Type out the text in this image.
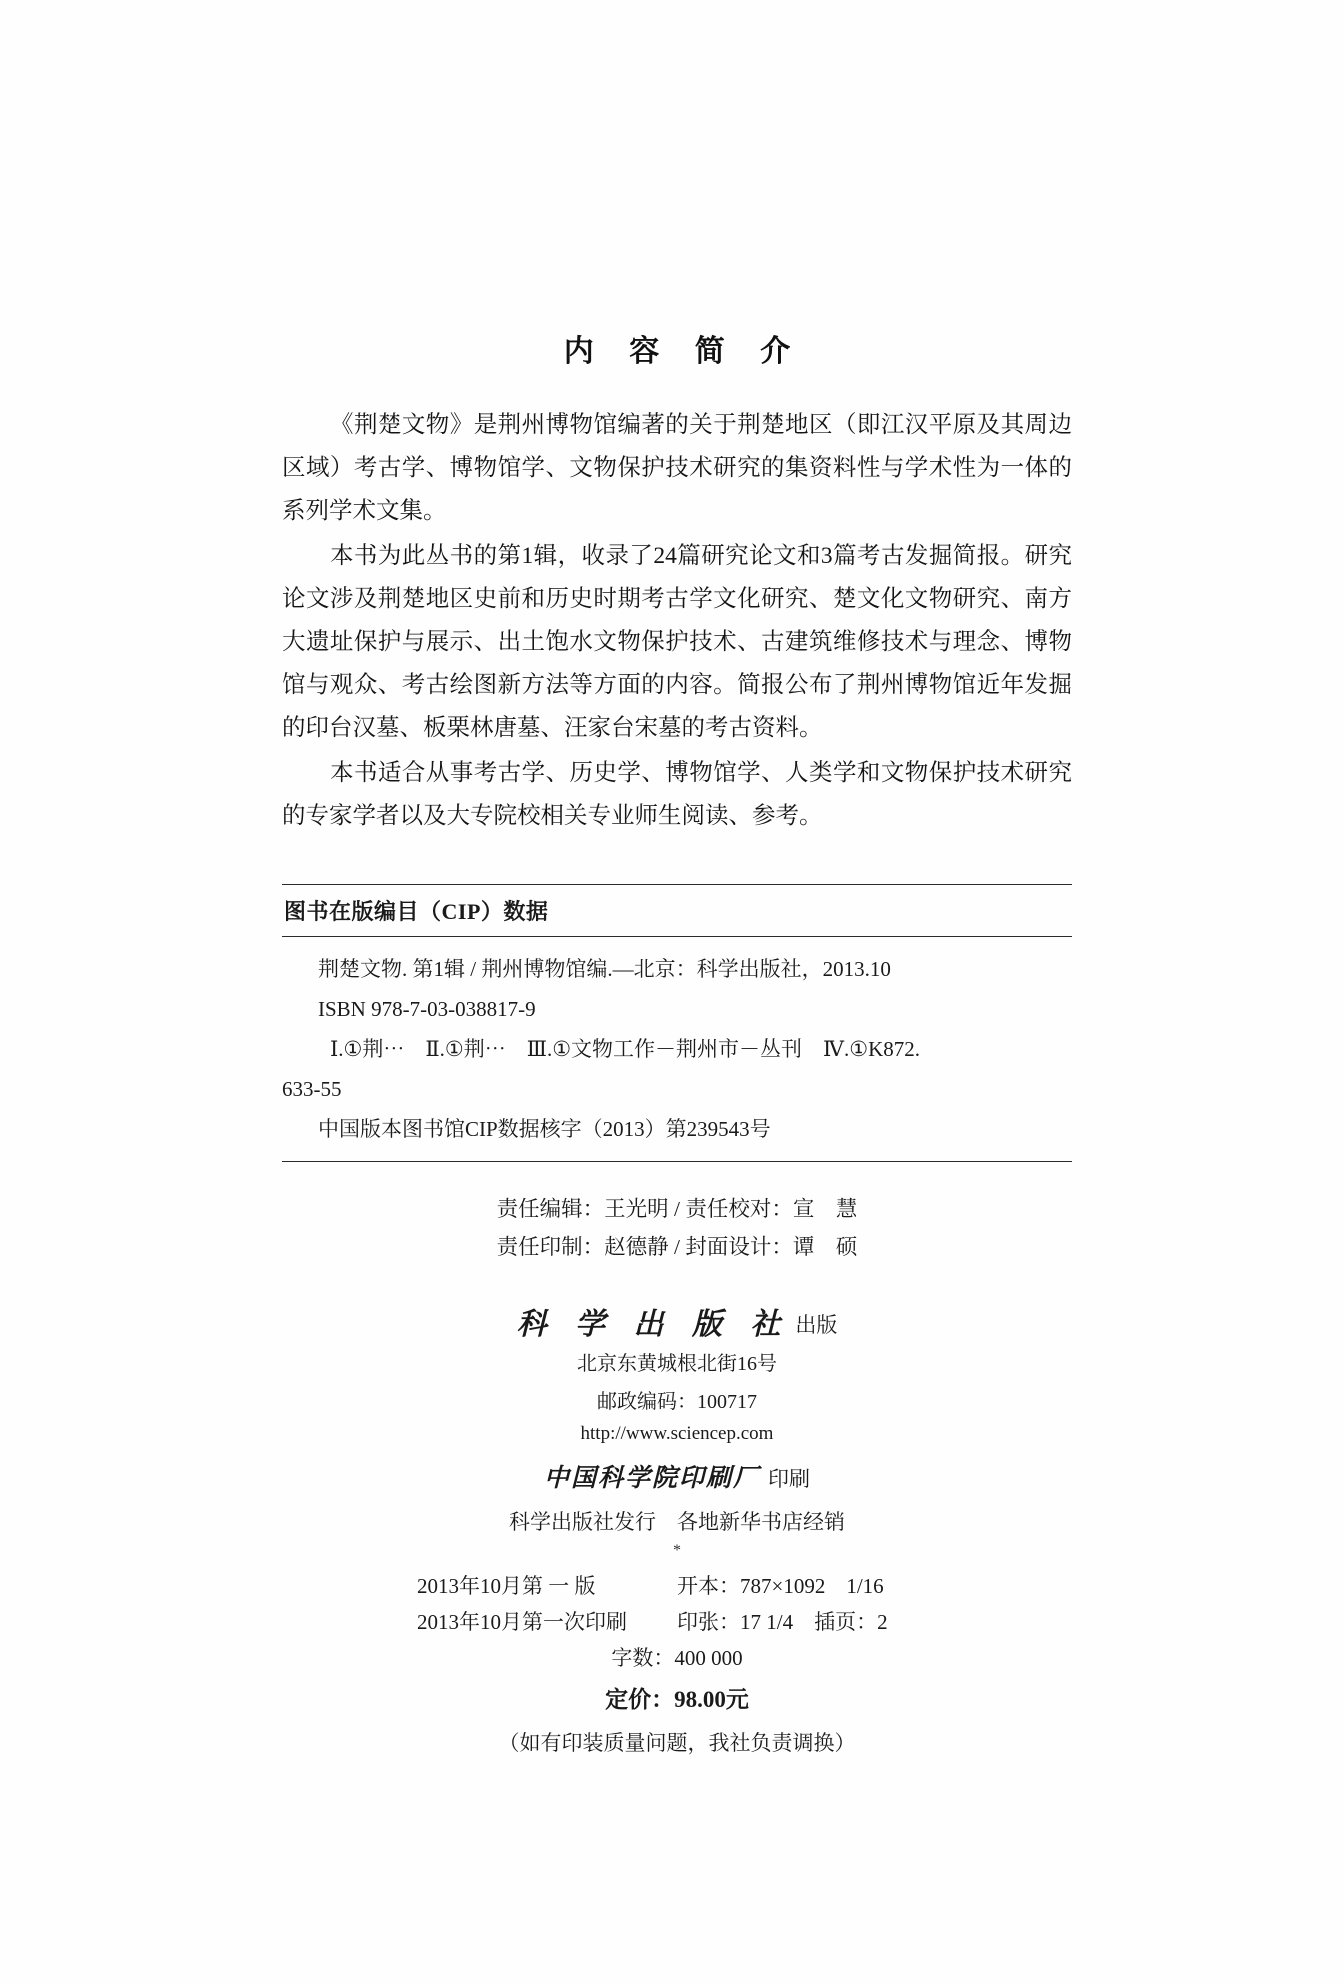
内 容 简 介

《荆楚文物》是荆州博物馆编著的关于荆楚地区（即江汉平原及其周边区域）考古学、博物馆学、文物保护技术研究的集资料性与学术性为一体的系列学术文集。

本书为此丛书的第1辑，收录了24篇研究论文和3篇考古发掘简报。研究论文涉及荆楚地区史前和历史时期考古学文化研究、楚文化文物研究、南方大遗址保护与展示、出土饱水文物保护技术、古建筑维修技术与理念、博物馆与观众、考古绘图新方法等方面的内容。简报公布了荆州博物馆近年发掘的印台汉墓、板栗林唐墓、汪家台宋墓的考古资料。

本书适合从事考古学、历史学、博物馆学、人类学和文物保护技术研究的专家学者以及大专院校相关专业师生阅读、参考。

图书在版编目（CIP）数据

荆楚文物. 第1辑 / 荆州博物馆编.—北京：科学出版社，2013.10

ISBN 978-7-03-038817-9

Ⅰ.①荆⋯　Ⅱ.①荆⋯　Ⅲ.①文物工作－荆州市－丛刊　Ⅳ.①K872.

633-55

中国版本图书馆CIP数据核字（2013）第239543号

责任编辑：王光明 / 责任校对：宣　慧
责任印制：赵德静 / 封面设计：谭　硕
科 学 出 版 社 出版
北京东黄城根北街16号
邮政编码：100717
http://www.sciencep.com
中国科学院印刷厂 印刷
科学出版社发行　各地新华书店经销
*
2013年10月第 一 版	开本：787×1092　1/16
2013年10月第一次印刷	印张：17 1/4　插页：2
字数：400 000
定价：98.00元
（如有印装质量问题，我社负责调换）
